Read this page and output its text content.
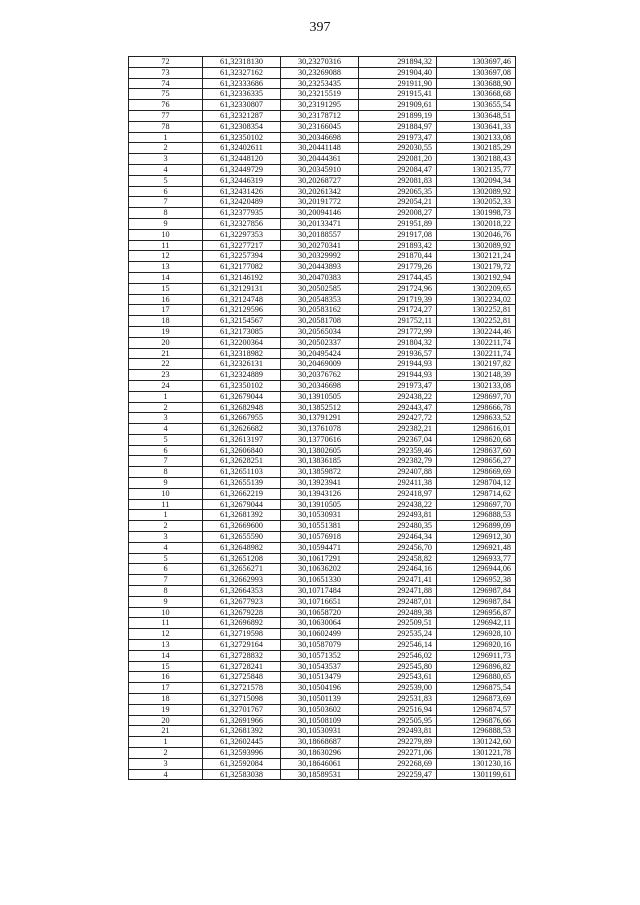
397
72	61,32318130	30,23270316	291894,32	1303697,46
73	61,32327162	30,23269088	291904,40	1303697,08
74	61,32333686	30,23253435	291911,90	1303688,90
75	61,32336335	30,23215519	291915,41	1303668,68
76	61,32330807	30,23191295	291909,61	1303655,54
77	61,32321287	30,23178712	291899,19	1303648,51
78	61,32308354	30,23166045	291884,97	1303641,33
1	61,32350102	30,20346698	291973,47	1302133,08
2	61,32402611	30,20441148	292030,55	1302185,29
3	61,32448120	30,20444361	292081,20	1302188,43
4	61,32449729	30,20345910	292084,47	1302135,77
5	61,32446319	30,20268727	292081,83	1302094,34
6	61,32431426	30,20261342	292065,35	1302089,92
7	61,32420489	30,20191772	292054,21	1302052,33
8	61,32377935	30,20094146	292008,27	1301998,73
9	61,32327856	30,20133471	291951,89	1302018,22
10	61,32297353	30,20188557	291917,08	1302046,76
11	61,32277217	30,20270341	291893,42	1302089,92
12	61,32257394	30,20329992	291870,44	1302121,24
13	61,32177082	30,20443893	291779,26	1302179,72
14	61,32146192	30,20470383	291744,45	1302192,94
15	61,32129131	30,20502585	291724,96	1302209,65
16	61,32124748	30,20548353	291719,39	1302234,02
17	61,32129596	30,20583162	291724,27	1302252,81
18	61,32154567	30,20581708	291752,11	1302252,81
19	61,32173085	30,20565034	291772,99	1302244,46
20	61,32200364	30,20502337	291804,32	1302211,74
21	61,32318982	30,20495424	291936,57	1302211,74
22	61,32326131	30,20469009	291944,93	1302197,82
23	61,32324889	30,20376762	291944,93	1302148,39
24	61,32350102	30,20346698	291973,47	1302133,08
1	61,32679044	30,13910505	292438,22	1298697,70
2	61,32682948	30,13852512	292443,47	1298666,78
3	61,32667955	30,13791291	292427,72	1298633,52
4	61,32626682	30,13761078	292382,21	1298616,01
5	61,32613197	30,13770616	292367,04	1298620,68
6	61,32606840	30,13802605	292359,46	1298637,60
7	61,32628251	30,13836185	292382,79	1298656,27
8	61,32651103	30,13859872	292407,88	1298669,69
9	61,32655139	30,13923941	292411,38	1298704,12
10	61,32662219	30,13943126	292418,97	1298714,62
11	61,32679044	30,13910505	292438,22	1298697,70
1	61,32681392	30,10530931	292493,81	1296888,53
2	61,32669600	30,10551381	292480,35	1296899,09
3	61,32655590	30,10576918	292464,34	1296912,30
4	61,32648982	30,10594471	292456,70	1296921,48
5	61,32651208	30,10617291	292458,82	1296933,77
6	61,32656271	30,10636202	292464,16	1296944,06
7	61,32662993	30,10651330	292471,41	1296952,38
8	61,32664353	30,10717484	292471,88	1296987,84
9	61,32677923	30,10716651	292487,01	1296987,84
10	61,32679228	30,10658720	292489,38	1296956,87
11	61,32696892	30,10630064	292509,51	1296942,11
12	61,32719598	30,10602499	292535,24	1296928,10
13	61,32729164	30,10587079	292546,14	1296920,16
14	61,32728832	30,10571352	292546,02	1296911,73
15	61,32728241	30,10543537	292545,80	1296896,82
16	61,32725848	30,10513479	292543,61	1296880,65
17	61,32721578	30,10504196	292539,00	1296875,54
18	61,32715098	30,10501139	292531,83	1296873,69
19	61,32701767	30,10503602	292516,94	1296874,57
20	61,32691966	30,10508109	292505,95	1296876,66
21	61,32681392	30,10530931	292493,81	1296888,53
1	61,32602445	30,18668687	292279,89	1301242,60
2	61,32593996	30,18630296	292271,06	1301221,78
3	61,32592084	30,18646061	292268,69	1301230,16
4	61,32583038	30,18589531	292259,47	1301199,61
